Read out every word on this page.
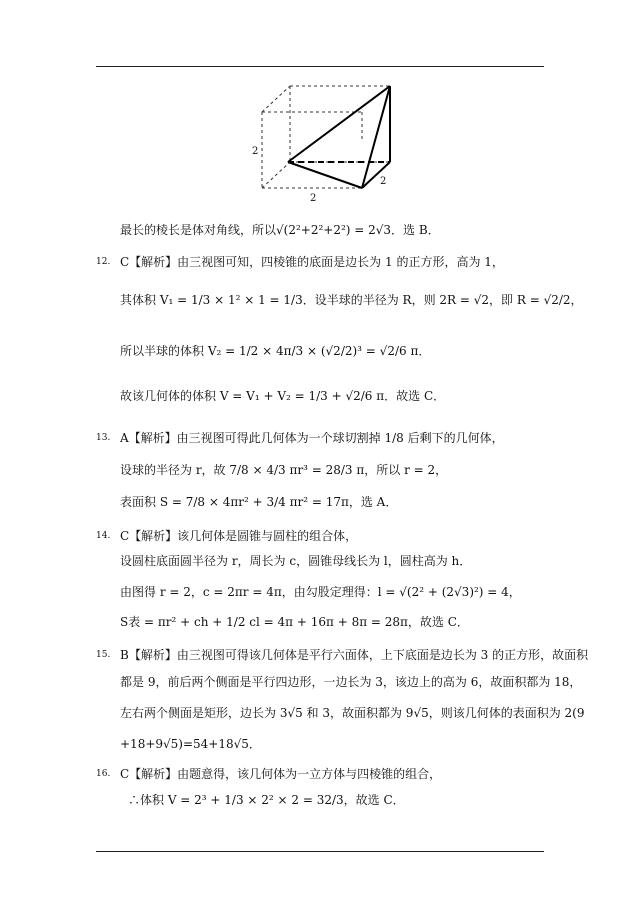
2
2
2
最长的棱长是体对角线，所以√(2²+2²+2²) = 2√3．选 B．
12. C【解析】由三视图可知，四棱锥的底面是边长为 1 的正方形，高为 1，
其体积 V₁ = 1/3 × 1² × 1 = 1/3．设半球的半径为 R，则 2R = √2，即 R = √2/2，
所以半球的体积 V₂ = 1/2 × 4π/3 × (√2/2)³ = √2/6 π．
故该几何体的体积 V = V₁ + V₂ = 1/3 + √2/6 π．故选 C．
13. A【解析】由三视图可得此几何体为一个球切割掉 1/8 后剩下的几何体，
设球的半径为 r，故 7/8 × 4/3 πr³ = 28/3 π，所以 r = 2，
表面积 S = 7/8 × 4πr² + 3/4 πr² = 17π，选 A．
14. C【解析】该几何体是圆锥与圆柱的组合体，
设圆柱底面圆半径为 r，周长为 c，圆锥母线长为 l，圆柱高为 h．
由图得 r = 2，c = 2πr = 4π，由勾股定理得：l = √(2² + (2√3)²) = 4，
S表 = πr² + ch + 1/2 cl = 4π + 16π + 8π = 28π，故选 C．
15. B【解析】由三视图可得该几何体是平行六面体，上下底面是边长为 3 的正方形，故面积
都是 9，前后两个侧面是平行四边形，一边长为 3，该边上的高为 6，故面积都为 18，
左右两个侧面是矩形，边长为 3√5 和 3，故面积都为 9√5，则该几何体的表面积为 2(9
+18+9√5)=54+18√5．
16. C【解析】由题意得，该几何体为一立方体与四棱锥的组合，
∴体积 V = 2³ + 1/3 × 2² × 2 = 32/3，故选 C．
